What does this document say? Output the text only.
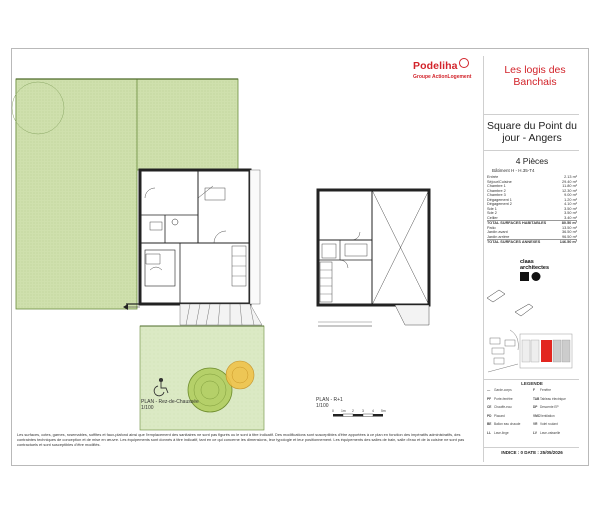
Podeliha
Groupe ActionLogement
Les logis des Banchais
Square du Point du jour - Angers
4 Pièces
Bâtiment H - H.35-T4
Entrée	2.13 m²
Séjour/Cuisine	29.40 m²
Chambre 1	11.80 m²
Chambre 2	12.30 m²
Chambre 3	9.00 m²
Dégagement 1	1.20 m²
Dégagement 2	4.10 m²
Sde 1	3.50 m²
Sde 2	3.50 m²
Cellier	3.40 m²
TOTAL SURFACES HABITABLES	80.50 m²
Patio	13.50 m²
Jardin avant	36.50 m²
Jardin arrière	96.50 m²
TOTAL SURFACES ANNEXES	146.50 m²
claas
architectes
LEGENDE
— Garde-corps	F Fenêtre
PF Porte-fenêtre	TABTableau électrique
CE Chauffe-eau	DP Descente EP
PD Placard	VMCVentilation
BE Ballon eau chaude	VR Volet roulant
LL Lave-linge	LV Lave-vaisselle
INDICE : 0 DATE : 25/05/2026
PLAN - Rez-de-Chaussée
1/100
PLAN - R+1
1/100
0 1m 2 3 4 5m
Les surfaces, cotes, garnes, rosemables, soffites et faux-plafond ainsi que l'emplacement des sanitaires ne sont pas figurés ou le sont à titre indicatif. Des modifications sont susceptibles d'être apportées à ce plan en fonction des impératifs administratifs, des contraintes techniques de conception et de mise en œuvre. Les équipements sont donnés à titre indicatif, tant en ce qui concerne les dimensions, leur typologie et leur positionnement. Les équipements des salles de bain, salle d'eau et de la cuisine ne sont pas contractuels et sont susceptibles d'être modifiés.
